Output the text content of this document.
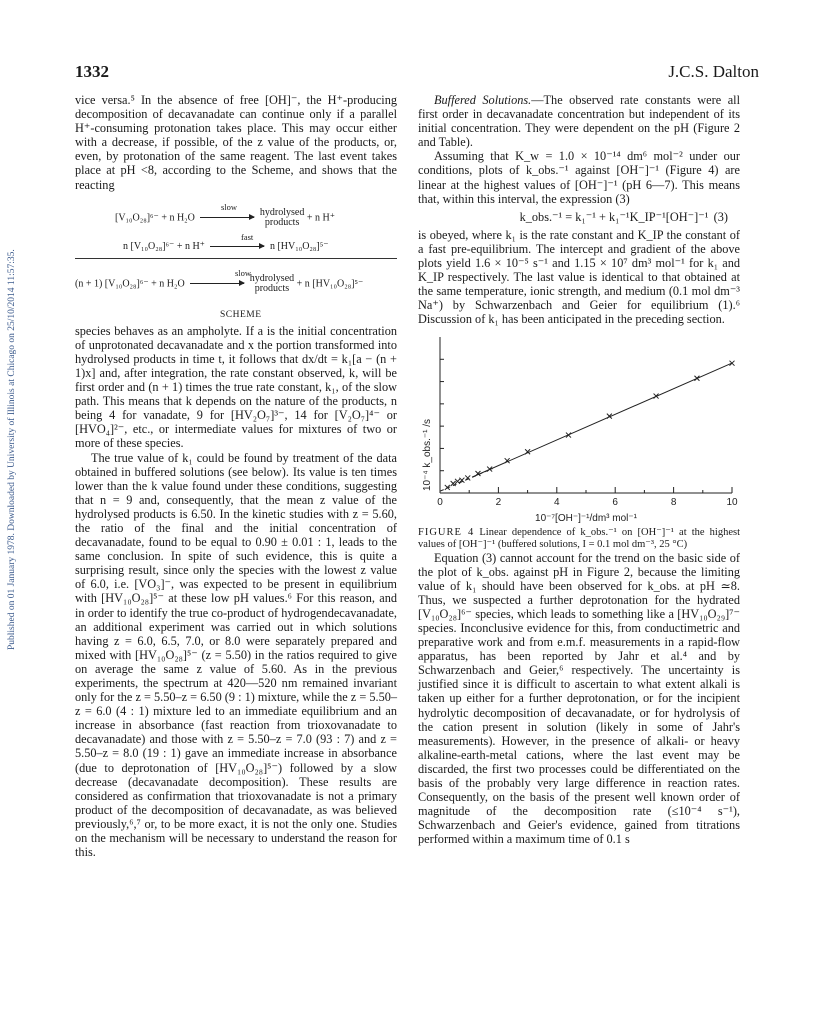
Published on 01 January 1978. Downloaded by University of Illinois at Chicago on 25/10/2014 11:57:35.
1332	J.C.S. Dalton

vice versa.⁵ In the absence of free [OH]⁻, the H⁺-producing decomposition of decavanadate can continue only if a parallel H⁺-consuming protonation takes place. This may occur either with a decrease, if possible, of the z value of the products, or, even, by protonation of the same reagent. The last event takes place at pH <8, according to the Scheme, and shows that the reacting

[V₁₀O₂₈]⁶⁻ + n H₂O	hydrolysed
products + n H⁺
slow
n [V₁₀O₂₈]⁶⁻ + n H⁺	n [HV₁₀O₂₈]⁵⁻
fast
(n + 1) [V₁₀O₂₈]⁶⁻ + n H₂O	hydrolysed
products + n [HV₁₀O₂₈]⁵⁻
slow
SCHEME

species behaves as an ampholyte. If a is the initial concentration of unprotonated decavanadate and x the portion transformed into hydrolysed products in time t, it follows that dx/dt = k₁[a − (n + 1)x] and, after integration, the rate constant observed, k, will be first order and (n + 1) times the true rate constant, k₁, of the slow path. This means that k depends on the nature of the products, n being 4 for vanadate, 9 for [HV₂O₇]³⁻, 14 for [V₂O₇]⁴⁻ or [HVO₄]²⁻, etc., or intermediate values for mixtures of two or more of these species.

The true value of k₁ could be found by treatment of the data obtained in buffered solutions (see below). Its value is ten times lower than the k value found under these conditions, suggesting that n = 9 and, consequently, that the mean z value of the hydrolysed products is 6.50. In the kinetic studies with z = 5.60, the ratio of the final and the initial concentration of decavanadate, found to be equal to 0.90 ± 0.01 : 1, leads to the same conclusion. In spite of such evidence, this is quite a surprising result, since only the species with the lowest z value of 6.0, i.e. [VO₃]⁻, was expected to be present in equilibrium with [HV₁₀O₂₈]⁵⁻ at these low pH values.⁶ For this reason, and in order to identify the true co-product of hydrogendecavanadate, an additional experiment was carried out in which solutions having z = 6.0, 6.5, 7.0, or 8.0 were separately prepared and mixed with [HV₁₀O₂₈]⁵⁻ (z = 5.50) in the ratios required to give on average the same z value of 5.60. As in the previous experiments, the spectrum at 420—520 nm remained invariant only for the z = 5.50–z = 6.50 (9 : 1) mixture, while the z = 5.50–z = 6.0 (4 : 1) mixture led to an immediate equilibrium and an increase in absorbance (fast reaction from trioxovanadate to decavanadate) and those with z = 5.50–z = 7.0 (93 : 7) and z = 5.50–z = 8.0 (19 : 1) gave an immediate increase in absorbance (due to deprotonation of [HV₁₀O₂₈]⁵⁻) followed by a slow decrease (decavanadate decomposition). These results are considered as confirmation that trioxovanadate is not a primary product of the decomposition of decavanadate, as was believed previously,⁶,⁷ or, to be more exact, it is not the only one. Studies on the mechanism will be necessary to understand the reason for this.

Buffered Solutions.—The observed rate constants were all first order in decavanadate concentration but independent of its initial concentration. They were dependent on the pH (Figure 2 and Table).

Assuming that K_w = 1.0 × 10⁻¹⁴ dm⁶ mol⁻² under our conditions, plots of k_obs.⁻¹ against [OH⁻]⁻¹ (Figure 4) are linear at the highest values of [OH⁻]⁻¹ (pH 6—7). This means that, within this interval, the expression (3)

k_obs.⁻¹ = k₁⁻¹ + k₁⁻¹K_IP⁻¹[OH⁻]⁻¹ (3)

is obeyed, where k₁ is the rate constant and K_IP the constant of a fast pre-equilibrium. The intercept and gradient of the above plots yield 1.6 × 10⁻⁵ s⁻¹ and 1.15 × 10⁷ dm³ mol⁻¹ for k₁ and K_IP respectively. The last value is identical to that obtained at the same temperature, ionic strength, and medium (0.1 mol dm⁻³ Na⁺) by Schwarzenbach and Geier for equilibrium (1).⁶ Discussion of k₁ has been anticipated in the preceding section.

0	2	4	6	8	10
10⁻⁷[OH⁻]⁻¹/dm³ mol⁻¹
10⁻⁴ k_obs.⁻¹ /s

FIGURE 4 Linear dependence of k_obs.⁻¹ on [OH⁻]⁻¹ at the highest values of [OH⁻]⁻¹ (buffered solutions, I = 0.1 mol dm⁻³, 25 °C)

Equation (3) cannot account for the trend on the basic side of the plot of k_obs. against pH in Figure 2, because the limiting value of k₁ should have been observed for k_obs. at pH ≃8. Thus, we suspected a further deprotonation for the hydrated [V₁₀O₂₈]⁶⁻ species, which leads to something like a [HV₁₀O₂₉]⁷⁻ species. Inconclusive evidence for this, from conductimetric and preparative work and from e.m.f. measurements in a rapid-flow apparatus, has been reported by Jahr et al.⁴ and by Schwarzenbach and Geier,⁶ respectively. The uncertainty is justified since it is difficult to ascertain to what extent alkali is taken up either for a further deprotonation, or for the incipient hydrolytic decomposition of decavanadate, or for hydrolysis of the cation present in solution (likely in some of Jahr's measurements). However, in the presence of alkali- or heavy alkaline-earth-metal cations, where the last event may be discarded, the first two processes could be differentiated on the basis of the probably very large difference in reaction rates. Consequently, on the basis of the present well known order of magnitude of the decomposition rate (≤10⁻⁴ s⁻¹), Schwarzenbach and Geier's evidence, gained from titrations performed within a maximum time of 0.1 s
